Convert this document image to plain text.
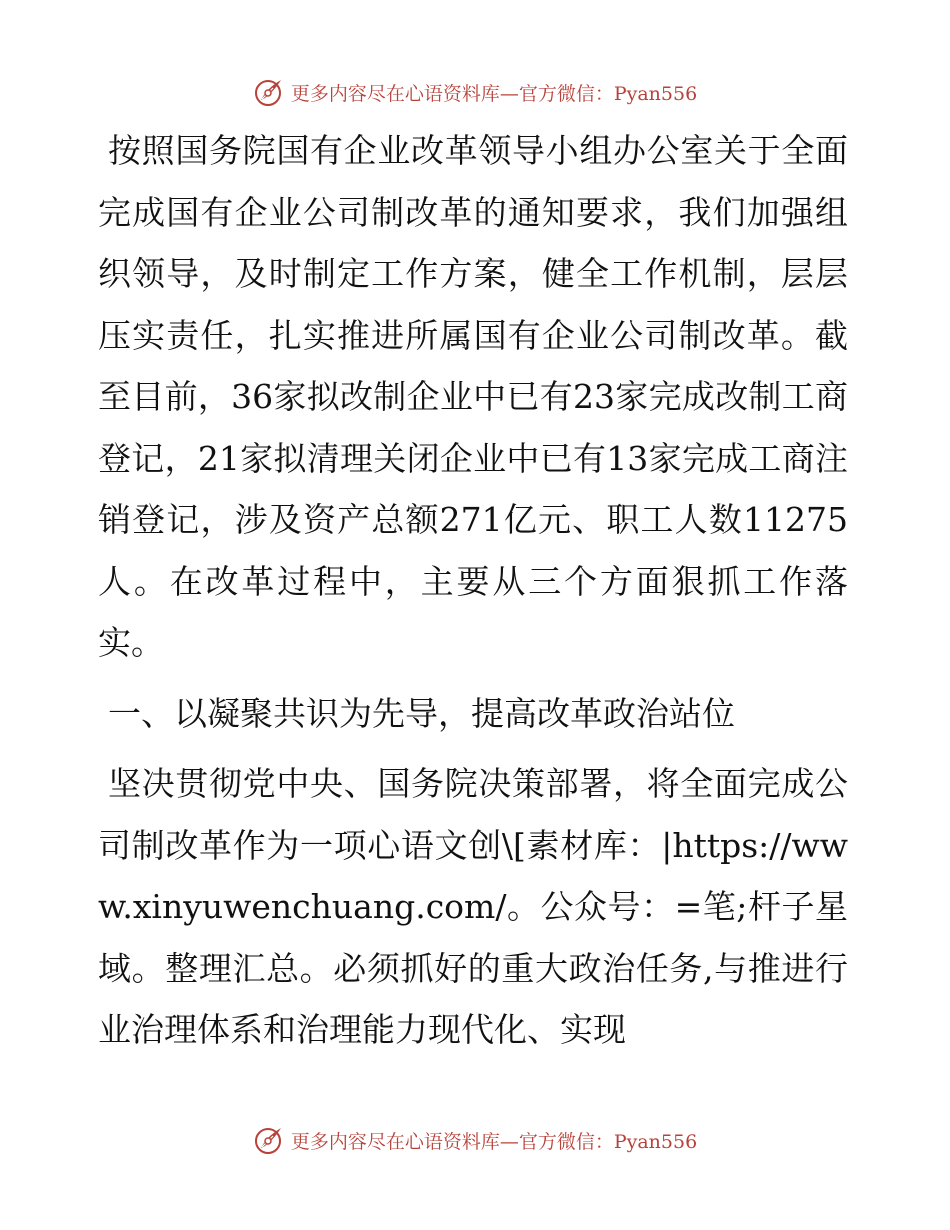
更多内容尽在心语资料库—官方微信：Pyan556

按照国务院国有企业改革领导小组办公室关于全面完成国有企业公司制改革的通知要求，我们加强组织领导，及时制定工作方案，健全工作机制，层层压实责任，扎实推进所属国有企业公司制改革。截至目前，36家拟改制企业中已有23家完成改制工商登记，21家拟清理关闭企业中已有13家完成工商注销登记，涉及资产总额271亿元、职工人数11275人。在改革过程中，主要从三个方面狠抓工作落实。

一、以凝聚共识为先导，提高改革政治站位

坚决贯彻党中央、国务院决策部署，将全面完成公司制改革作为一项心语文创\[素材库：|https://www.xinyuwenchuang.com/。公众号：=笔;杆子星域。整理汇总。必须抓好的重大政治任务,与推进行业治理体系和治理能力现代化、实现

更多内容尽在心语资料库—官方微信：Pyan556
